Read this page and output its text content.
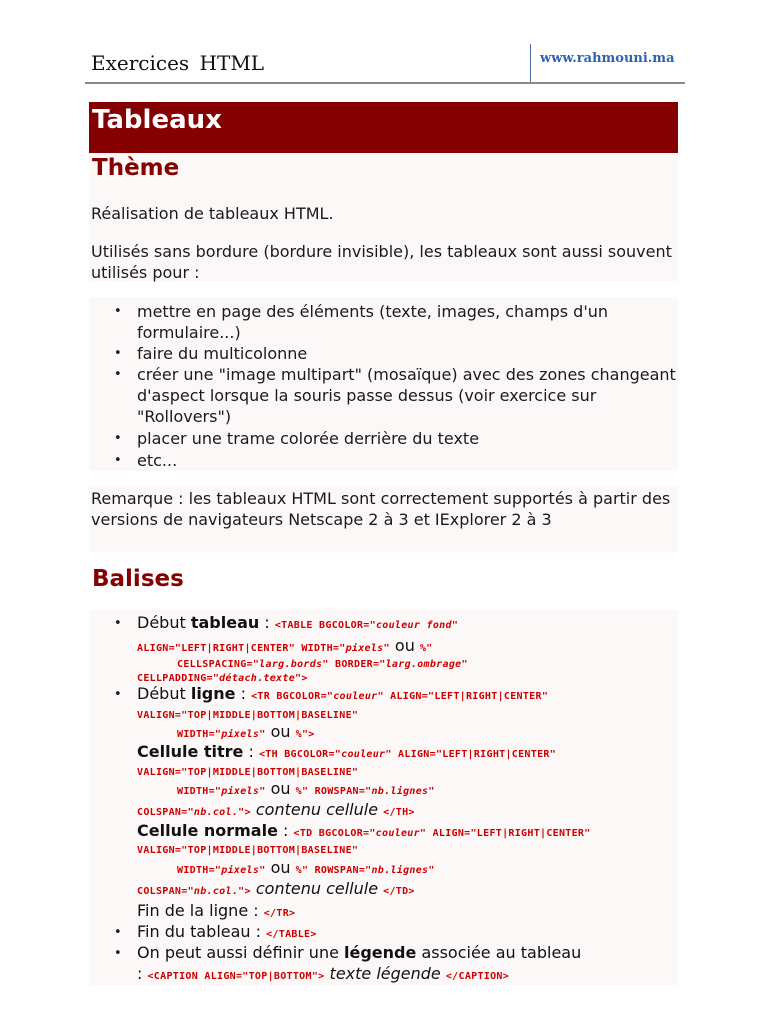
Exercices HTML	www.rahmouni.ma
Tableaux
Thème
Réalisation de tableaux HTML.
Utilisés sans bordure (bordure invisible), les tableaux sont aussi souvent utilisés pour :
• mettre en page des éléments (texte, images, champs d'un formulaire...)
• faire du multicolonne
• créer une "image multipart" (mosaïque) avec des zones changeant d'aspect lorsque la souris passe dessus (voir exercice sur "Rollovers")
• placer une trame colorée derrière du texte
• etc...
Remarque : les tableaux HTML sont correctement supportés à partir des versions de navigateurs Netscape 2 à 3 et IExplorer 2 à 3
Balises
• Début tableau : <TABLE BGCOLOR="couleur fond"
ALIGN="LEFT|RIGHT|CENTER" WIDTH="pixels" ou %"
CELLSPACING="larg.bords" BORDER="larg.ombrage"
CELLPADDING="détach.texte">
• Début ligne : <TR BGCOLOR="couleur" ALIGN="LEFT|RIGHT|CENTER"
VALIGN="TOP|MIDDLE|BOTTOM|BASELINE"
WIDTH="pixels" ou %">
Cellule titre : <TH BGCOLOR="couleur" ALIGN="LEFT|RIGHT|CENTER"
VALIGN="TOP|MIDDLE|BOTTOM|BASELINE"
WIDTH="pixels" ou %" ROWSPAN="nb.lignes"
COLSPAN="nb.col."> contenu cellule </TH>
Cellule normale : <TD BGCOLOR="couleur" ALIGN="LEFT|RIGHT|CENTER"
VALIGN="TOP|MIDDLE|BOTTOM|BASELINE"
WIDTH="pixels" ou %" ROWSPAN="nb.lignes"
COLSPAN="nb.col."> contenu cellule </TD>
Fin de la ligne : </TR>
• Fin du tableau : </TABLE>
• On peut aussi définir une légende associée au tableau
: <CAPTION ALIGN="TOP|BOTTOM"> texte légende </CAPTION>
